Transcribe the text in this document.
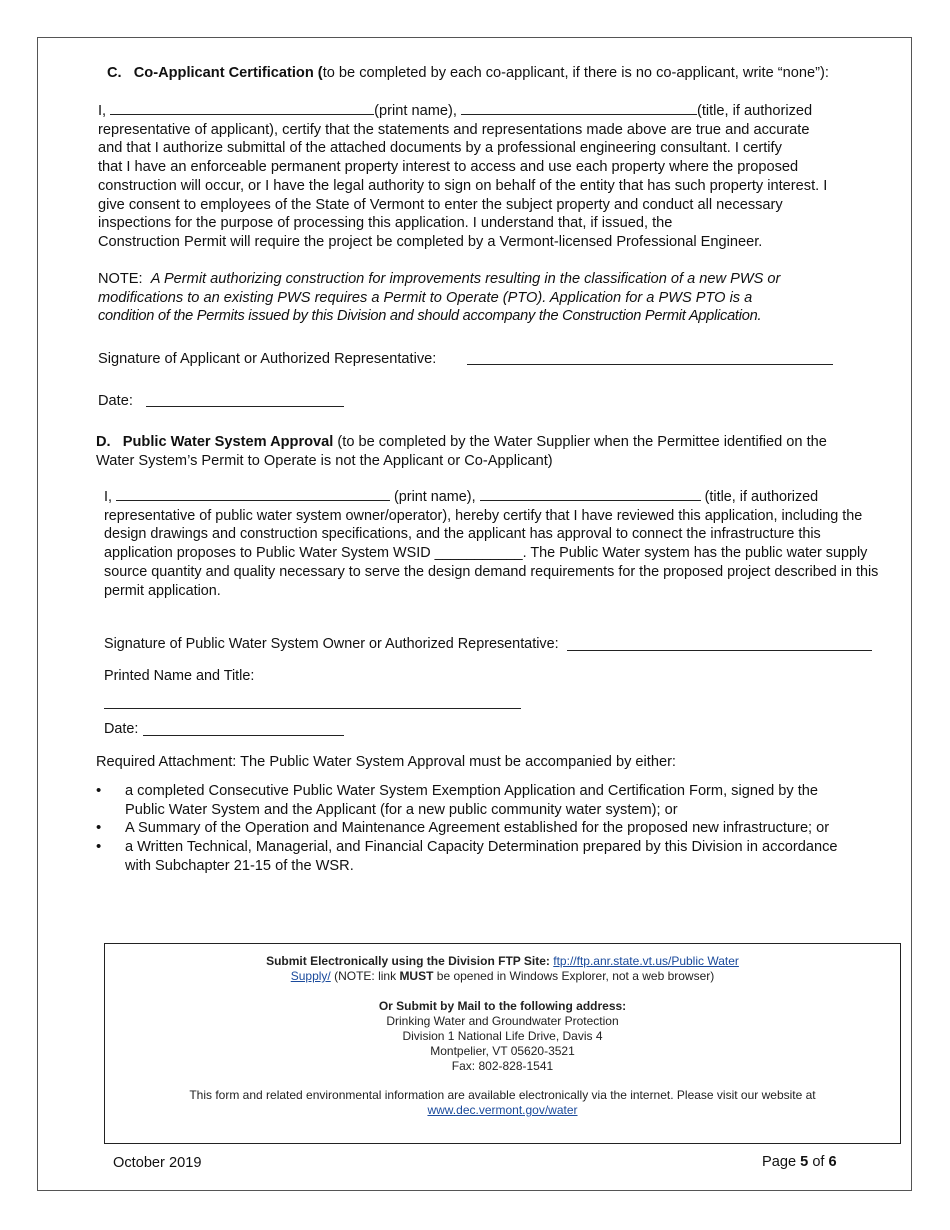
C. Co-Applicant Certification (to be completed by each co-applicant, if there is no co-applicant, write “none”):
I,	(print name),	(title, if authorized
representative of applicant), certify that the statements and representations made above are true and accurate
and that I authorize submittal of the attached documents by a professional engineering consultant. I certify
that I have an enforceable permanent property interest to access and use each property where the proposed
construction will occur, or I have the legal authority to sign on behalf of the entity that has such property interest. I
give consent to employees of the State of Vermont to enter the subject property and conduct all necessary
inspections for the purpose of processing this application. I understand that, if issued, the
Construction Permit will require the project be completed by a Vermont-licensed Professional Engineer.
NOTE: A Permit authorizing construction for improvements resulting in the classification of a new PWS or
modifications to an existing PWS requires a Permit to Operate (PTO). Application for a PWS PTO is a
condition of the Permits issued by this Division and should accompany the Construction Permit Application.
Signature of Applicant or Authorized Representative:
Date:
D. Public Water System Approval (to be completed by the Water Supplier when the Permittee identified on the
Water System’s Permit to Operate is not the Applicant or Co-Applicant)
I,	(print name),	(title, if authorized
representative of public water system owner/operator), hereby certify that I have reviewed this application, including the
design drawings and construction specifications, and the applicant has approval to connect the infrastructure this
application proposes to Public Water System WSID ___________. The Public Water system has the public water supply
source quantity and quality necessary to serve the design demand requirements for the proposed project described in this
permit application.
Signature of Public Water System Owner or Authorized Representative:
Printed Name and Title:
Date:
Required Attachment: The Public Water System Approval must be accompanied by either:
• a completed Consecutive Public Water System Exemption Application and Certification Form, signed by the
Public Water System and the Applicant (for a new public community water system); or
• A Summary of the Operation and Maintenance Agreement established for the proposed new infrastructure; or
• a Written Technical, Managerial, and Financial Capacity Determination prepared by this Division in accordance
with Subchapter 21-15 of the WSR.
Submit Electronically using the Division FTP Site: ftp://ftp.anr.state.vt.us/Public Water
Supply/ (NOTE: link MUST be opened in Windows Explorer, not a web browser)
Or Submit by Mail to the following address:
Drinking Water and Groundwater Protection
Division 1 National Life Drive, Davis 4
Montpelier, VT 05620-3521
Fax: 802-828-1541
This form and related environmental information are available electronically via the internet. Please visit our website at
www.dec.vermont.gov/water
October 2019	Page 5 of 6
